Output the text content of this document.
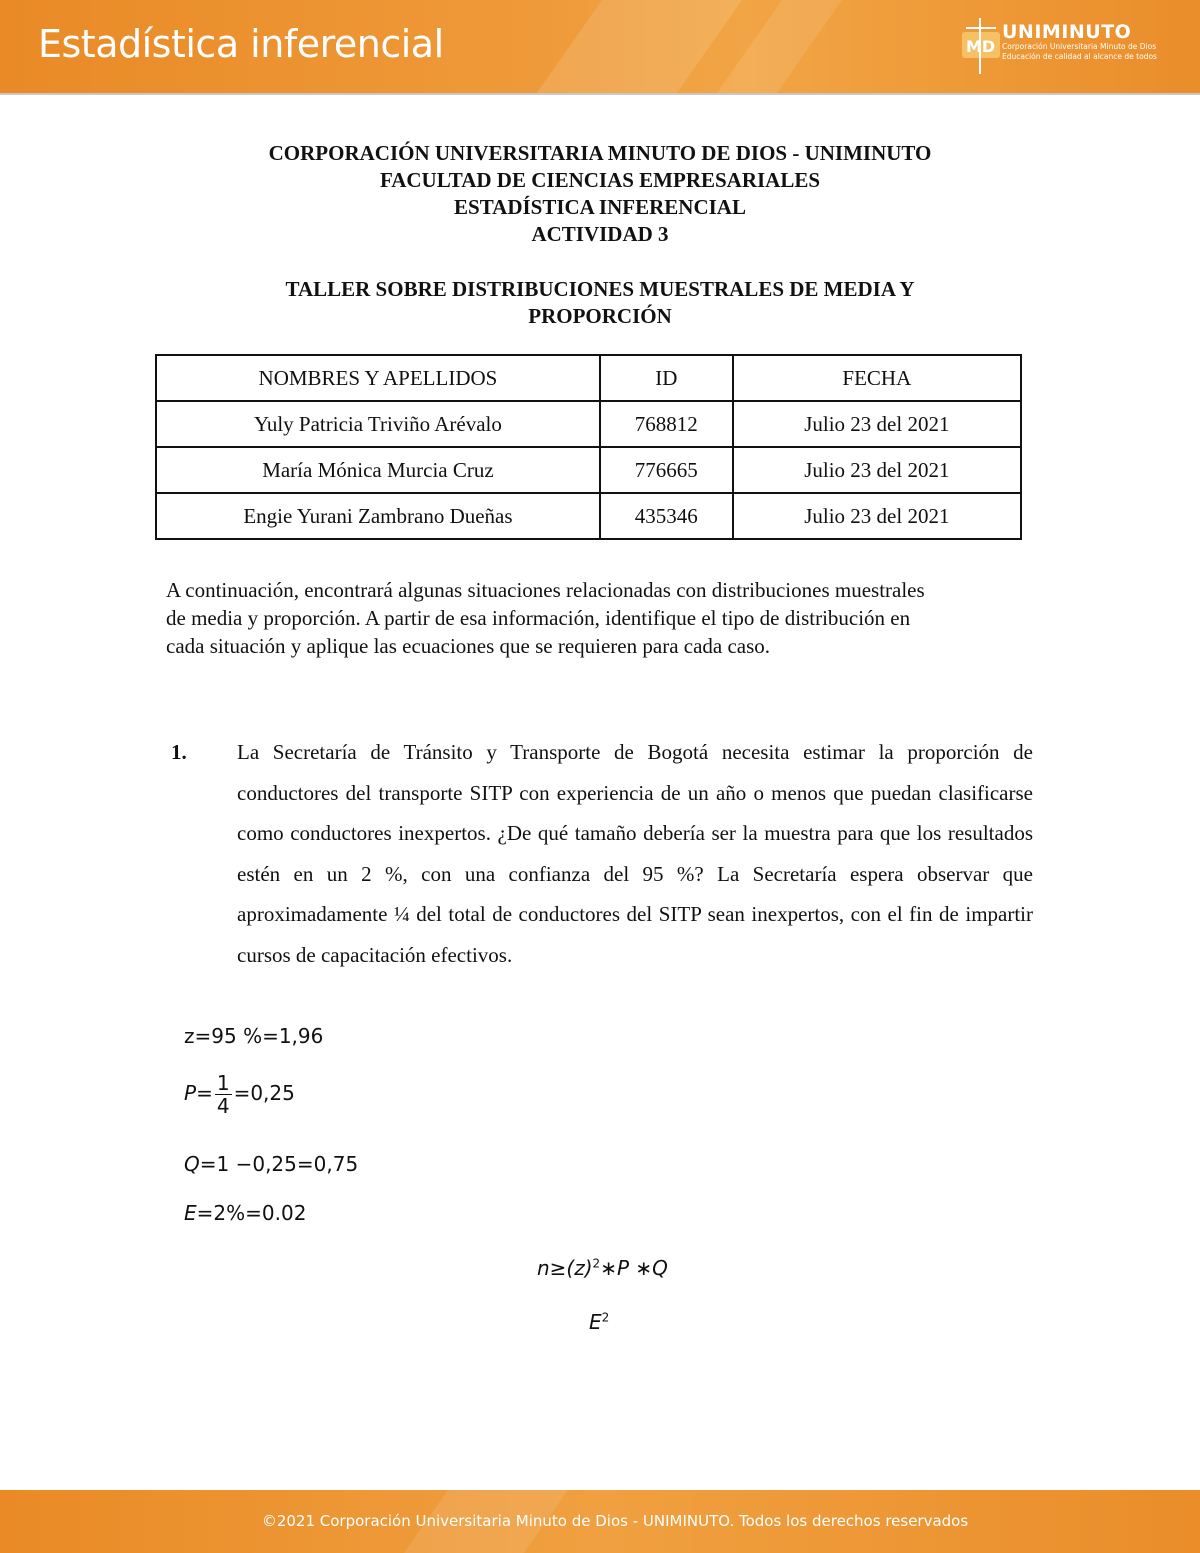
Estadística inferencial	MD
UNIMINUTO
Corporación Universitaria Minuto de Dios
Educación de calidad al alcance de todos
CORPORACIÓN UNIVERSITARIA MINUTO DE DIOS - UNIMINUTO
FACULTAD DE CIENCIAS EMPRESARIALES
ESTADÍSTICA INFERENCIAL
ACTIVIDAD 3
TALLER SOBRE DISTRIBUCIONES MUESTRALES DE MEDIA Y
PROPORCIÓN
NOMBRES Y APELLIDOS	ID	FECHA
Yuly Patricia Triviño Arévalo	768812	Julio 23 del 2021
María Mónica Murcia Cruz	776665	Julio 23 del 2021
Engie Yurani Zambrano Dueñas	435346	Julio 23 del 2021
A continuación, encontrará algunas situaciones relacionadas con distribuciones muestrales
de media y proporción. A partir de esa información, identifique el tipo de distribución en
cada situación y aplique las ecuaciones que se requieren para cada caso.
1. La Secretaría de Tránsito y Transporte de Bogotá necesita estimar la proporción de conductores del transporte SITP con experiencia de un año o menos que puedan clasificarse como conductores inexpertos. ¿De qué tamaño debería ser la muestra para que los resultados estén en un 2 %, con una confianza del 95 %? La Secretaría espera observar que aproximadamente ¼ del total de conductores del SITP sean inexpertos, con el fin de impartir cursos de capacitación efectivos.
z=95 %=1,96
$P= \frac{1}{4} =0,25$
Q=1 −0,25=0,75
E=2%=0.02
$n\ge(z)^2∗P$ ∗Q
$E^2$
©2021 Corporación Universitaria Minuto de Dios - UNIMINUTO. Todos los derechos reservados
